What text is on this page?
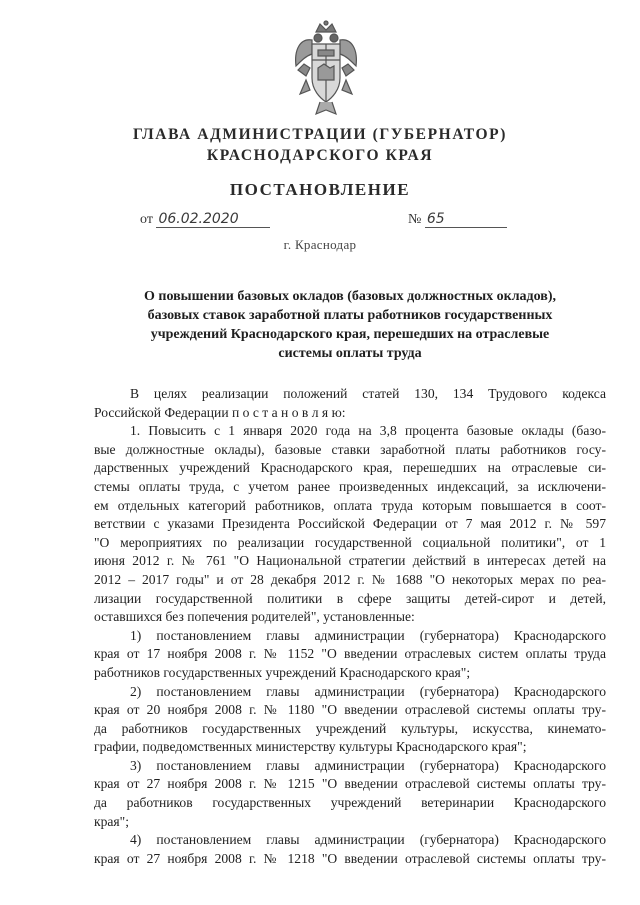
ГЛАВА АДМИНИСТРАЦИИ (ГУБЕРНАТОР)
КРАСНОДАРСКОГО КРАЯ
ПОСТАНОВЛЕНИЕ
от 06.02.2020	№ 65
г. Краснодар
О повышении базовых окладов (базовых должностных окладов),
базовых ставок заработной платы работников государственных
учреждений Краснодарского края, перешедших на отраслевые
системы оплаты труда
В целях реализации положений статей 130, 134 Трудового кодекса
Российской Федерации п о с т а н о в л я ю:
1. Повысить с 1 января 2020 года на 3,8 процента базовые оклады (базо-
вые должностные оклады), базовые ставки заработной платы работников госу-
дарственных учреждений Краснодарского края, перешедших на отраслевые си-
стемы оплаты труда, с учетом ранее произведенных индексаций, за исключени-
ем отдельных категорий работников, оплата труда которым повышается в соот-
ветствии с указами Президента Российской Федерации от 7 мая 2012 г. № 597
"О мероприятиях по реализации государственной социальной политики", от 1
июня 2012 г. № 761 "О Национальной стратегии действий в интересах детей на
2012 – 2017 годы" и от 28 декабря 2012 г. № 1688 "О некоторых мерах по реа-
лизации государственной политики в сфере защиты детей-сирот и детей,
оставшихся без попечения родителей", установленные:
1) постановлением главы администрации (губернатора) Краснодарского
края от 17 ноября 2008 г. № 1152 "О введении отраслевых систем оплаты труда
работников государственных учреждений Краснодарского края";
2) постановлением главы администрации (губернатора) Краснодарского
края от 20 ноября 2008 г. № 1180 "О введении отраслевой системы оплаты тру-
да работников государственных учреждений культуры, искусства, кинемато-
графии, подведомственных министерству культуры Краснодарского края";
3) постановлением главы администрации (губернатора) Краснодарского
края от 27 ноября 2008 г. № 1215 "О введении отраслевой системы оплаты тру-
да работников государственных учреждений ветеринарии Краснодарского
края";
4) постановлением главы администрации (губернатора) Краснодарского
края от 27 ноября 2008 г. № 1218 "О введении отраслевой системы оплаты тру-
